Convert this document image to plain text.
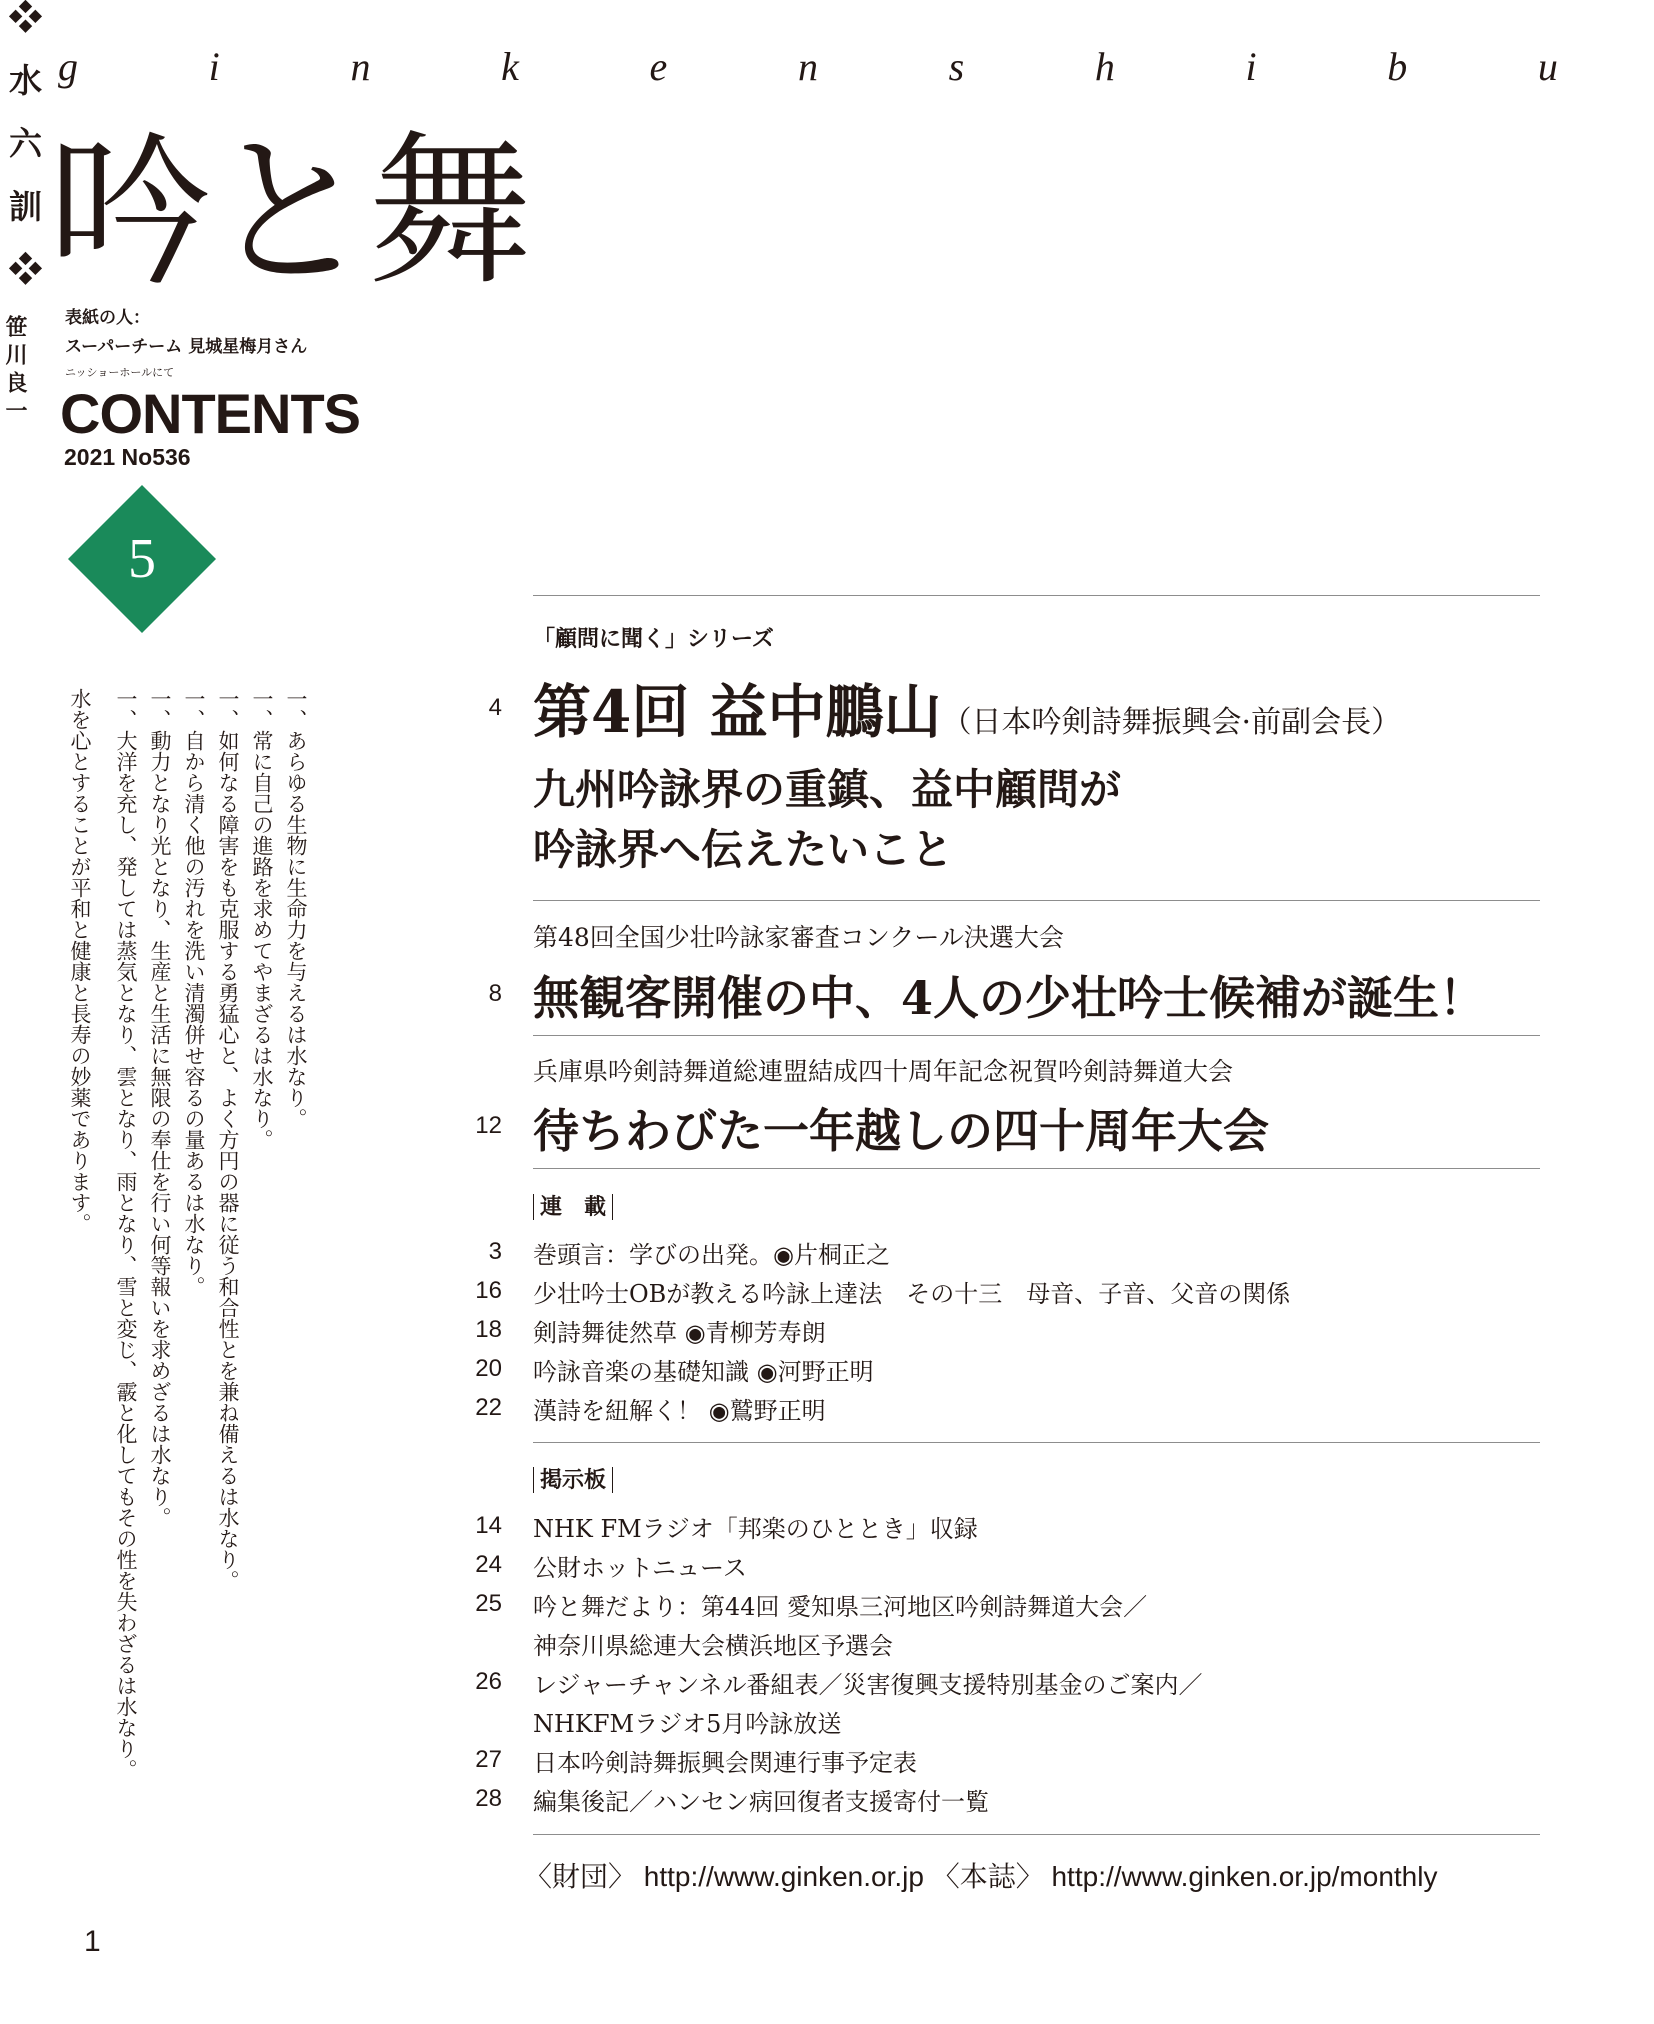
g	i	n	k	e	n	s	h	i	b	u
吟と舞
表紙の人：
スーパーチーム 見城星梅月さん
ニッショーホールにて
CONTENTS
2021 No536
5
❖水六訓❖
笹川良一
一、あらゆる生物に生命力を与えるは水なり。
一、常に自己の進路を求めてやまざるは水なり。
一、如何なる障害をも克服する勇猛心と、よく方円の器に従う和合性とを兼ね備えるは水なり。
一、自から清く他の汚れを洗い清濁併せ容るの量あるは水なり。
一、動力となり光となり、生産と生活に無限の奉仕を行い何等報いを求めざるは水なり。
一、大洋を充し、発しては蒸気となり、雲となり、雨となり、雪と変じ、霰と化してもその性を失わざるは水なり。
水を心とすることが平和と健康と長寿の妙薬であります。
「顧問に聞く」シリーズ
4 第4回 益中鵬山（日本吟剣詩舞振興会·前副会長）
九州吟詠界の重鎮、益中顧問が
吟詠界へ伝えたいこと
第48回全国少壮吟詠家審査コンクール決選大会
8 無観客開催の中、4人の少壮吟士候補が誕生！
兵庫県吟剣詩舞道総連盟結成四十周年記念祝賀吟剣詩舞道大会
12 待ちわびた一年越しの四十周年大会
連　載
3 巻頭言：学びの出発。◉片桐正之
16 少壮吟士OBが教える吟詠上達法　その十三　母音、子音、父音の関係
18 剣詩舞徒然草 ◉青柳芳寿朗
20 吟詠音楽の基礎知識 ◉河野正明
22 漢詩を紐解く！ ◉鷲野正明
掲示板
14 NHK FMラジオ「邦楽のひととき」収録
24 公財ホットニュース
25 吟と舞だより：第44回 愛知県三河地区吟剣詩舞道大会／
神奈川県総連大会横浜地区予選会
26 レジャーチャンネル番組表／災害復興支援特別基金のご案内／
NHKFMラジオ5月吟詠放送
27 日本吟剣詩舞振興会関連行事予定表
28 編集後記／ハンセン病回復者支援寄付一覧
〈財団〉 http://www.ginken.or.jp 〈本誌〉 http://www.ginken.or.jp/monthly
1
